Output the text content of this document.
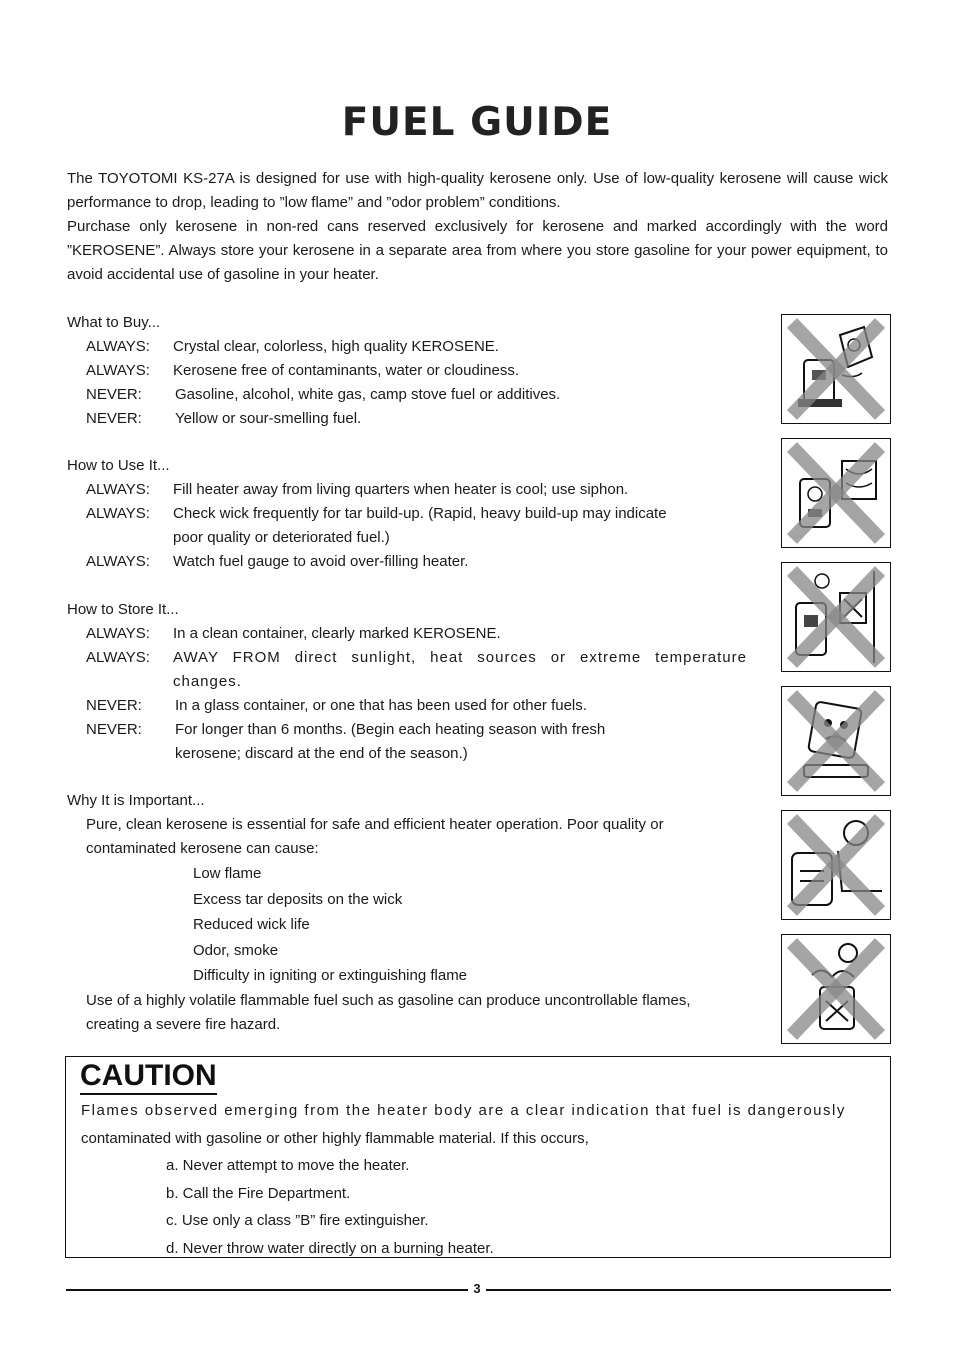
FUEL GUIDE

The TOYOTOMI KS-27A is designed for use with high-quality kerosene only. Use of low-quality kerosene will cause wick performance to drop, leading to ”low flame” and ”odor problem” conditions.

Purchase only kerosene in non-red cans reserved exclusively for kerosene and marked accordingly with the word ”KEROSENE”. Always store your kerosene in a separate area from where you store gasoline for your power equipment, to avoid accidental use of gasoline in your heater.

What to Buy...
ALWAYS:	Crystal clear, colorless, high quality KEROSENE.
ALWAYS:	Kerosene free of contaminants, water or cloudiness.
NEVER:	Gasoline, alcohol, white gas, camp stove fuel or additives.
NEVER:	Yellow or sour-smelling fuel.
How to Use It...
ALWAYS:	Fill heater away from living quarters when heater is cool; use siphon.
ALWAYS:	Check wick frequently for tar build-up. (Rapid, heavy build-up may indicate poor quality or deteriorated fuel.)
ALWAYS:	Watch fuel gauge to avoid over-filling heater.
How to Store It...
ALWAYS:	In a clean container, clearly marked KEROSENE.
ALWAYS:	AWAY FROM direct sunlight, heat sources or extreme temperature changes.
NEVER:	In a glass container, or one that has been used for other fuels.
NEVER:	For longer than 6 months. (Begin each heating season with fresh kerosene; discard at the end of the season.)
Why It is Important...
Pure, clean kerosene is essential for safe and efficient heater operation. Poor quality or contaminated kerosene can cause:
Low flame
Excess tar deposits on the wick
Reduced wick life
Odor, smoke
Difficulty in igniting or extinguishing flame
Use of a highly volatile flammable fuel such as gasoline can produce uncontrollable flames, creating a severe fire hazard.
CAUTION
Flames observed emerging from the heater body are a clear indication that fuel is dangerously
contaminated with gasoline or other highly flammable material. If this occurs,
a. Never attempt to move the heater.
b. Call the Fire Department.
c. Use only a class ”B” fire extinguisher.
d. Never throw water directly on a burning heater.
3
